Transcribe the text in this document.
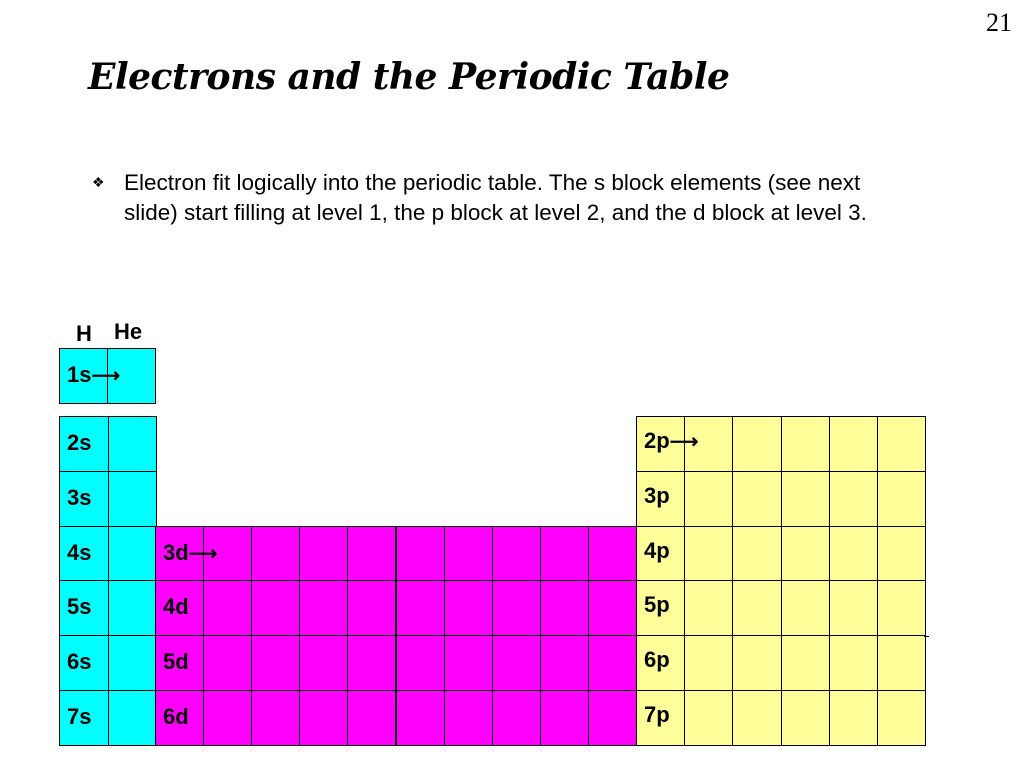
21
Electrons and the Periodic Table
❖ Electron fit logically into the periodic table. The s block elements (see next slide) start filling at level 1, the p block at level 2, and the d block at level 3.

H He
1s⟶
2s	2p⟶
3s	3p
4s	3d⟶	4p
5s	4d	5p
6s	5d	6p
7s	6d	7p
